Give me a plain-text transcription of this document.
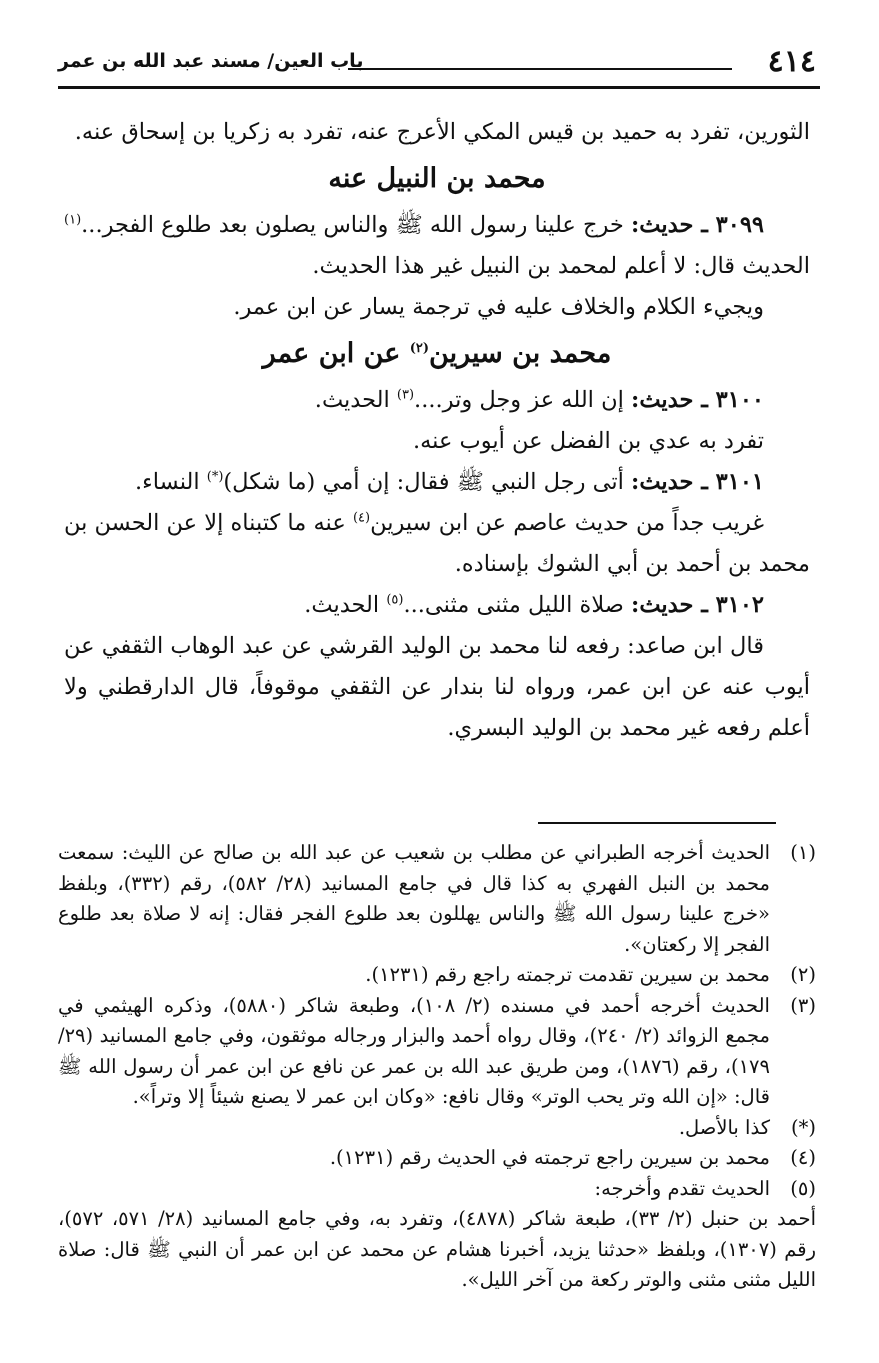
٤١٤
باب العين/ مسند عبد الله بن عمر

الثورين، تفرد به حميد بن قيس المكي الأعرج عنه، تفرد به زكريا بن إسحاق عنه.

محمد بن النبيل عنه

٣٠٩٩ ـ حديث: خرج علينا رسول الله ﷺ والناس يصلون بعد طلوع الفجر...$^{(١)}$ الحديث قال: لا أعلم لمحمد بن النبيل غير هذا الحديث.

ويجيء الكلام والخلاف عليه في ترجمة يسار عن ابن عمر.

محمد بن سيرين$^{(٢)}$ عن ابن عمر

٣١٠٠ ـ حديث: إن الله عز وجل وتر....$^{(٣)}$ الحديث.

تفرد به عدي بن الفضل عن أيوب عنه.

٣١٠١ ـ حديث: أتى رجل النبي ﷺ فقال: إن أمي (ما شكل)(*) النساء.

غريب جداً من حديث عاصم عن ابن سيرين$^{(٤)}$ عنه ما كتبناه إلا عن الحسن بن محمد بن أحمد بن أبي الشوك بإسناده.

٣١٠٢ ـ حديث: صلاة الليل مثنى مثنى...$^{(٥)}$ الحديث.

قال ابن صاعد: رفعه لنا محمد بن الوليد القرشي عن عبد الوهاب الثقفي عن أيوب عنه عن ابن عمر، ورواه لنا بندار عن الثقفي موقوفاً، قال الدارقطني ولا أعلم رفعه غير محمد بن الوليد البسري.

(١)
الحديث أخرجه الطبراني عن مطلب بن شعيب عن عبد الله بن صالح عن الليث: سمعت محمد بن النبل الفهري به كذا قال في جامع المسانيد (٢٨/ ٥٨٢)، رقم (٣٣٢)، وبلفظ «خرج علينا رسول الله ﷺ والناس يهللون بعد طلوع الفجر فقال: إنه لا صلاة بعد طلوع الفجر إلا ركعتان».
(٢)
محمد بن سيرين تقدمت ترجمته راجع رقم (١٢٣١).
(٣)
الحديث أخرجه أحمد في مسنده (٢/ ١٠٨)، وطبعة شاكر (٥٨٨٠)، وذكره الهيثمي في مجمع الزوائد (٢/ ٢٤٠)، وقال رواه أحمد والبزار ورجاله موثقون، وفي جامع المسانيد (٢٩/ ١٧٩)، رقم (١٨٧٦)، ومن طريق عبد الله بن عمر عن نافع عن ابن عمر أن رسول الله ﷺ قال: «إن الله وتر يحب الوتر» وقال نافع: «وكان ابن عمر لا يصنع شيئاً إلا وتراً».
(*)
كذا بالأصل.
(٤)
محمد بن سيرين راجع ترجمته في الحديث رقم (١٢٣١).
(٥)
الحديث تقدم وأخرجه:

أحمد بن حنبل (٢/ ٣٣)، طبعة شاكر (٤٨٧٨)، وتفرد به، وفي جامع المسانيد (٢٨/ ٥٧١، ٥٧٢)، رقم (١٣٠٧)، وبلفظ «حدثنا يزيد، أخبرنا هشام عن محمد عن ابن عمر أن النبي ﷺ قال: صلاة الليل مثنى مثنى والوتر ركعة من آخر الليل».
